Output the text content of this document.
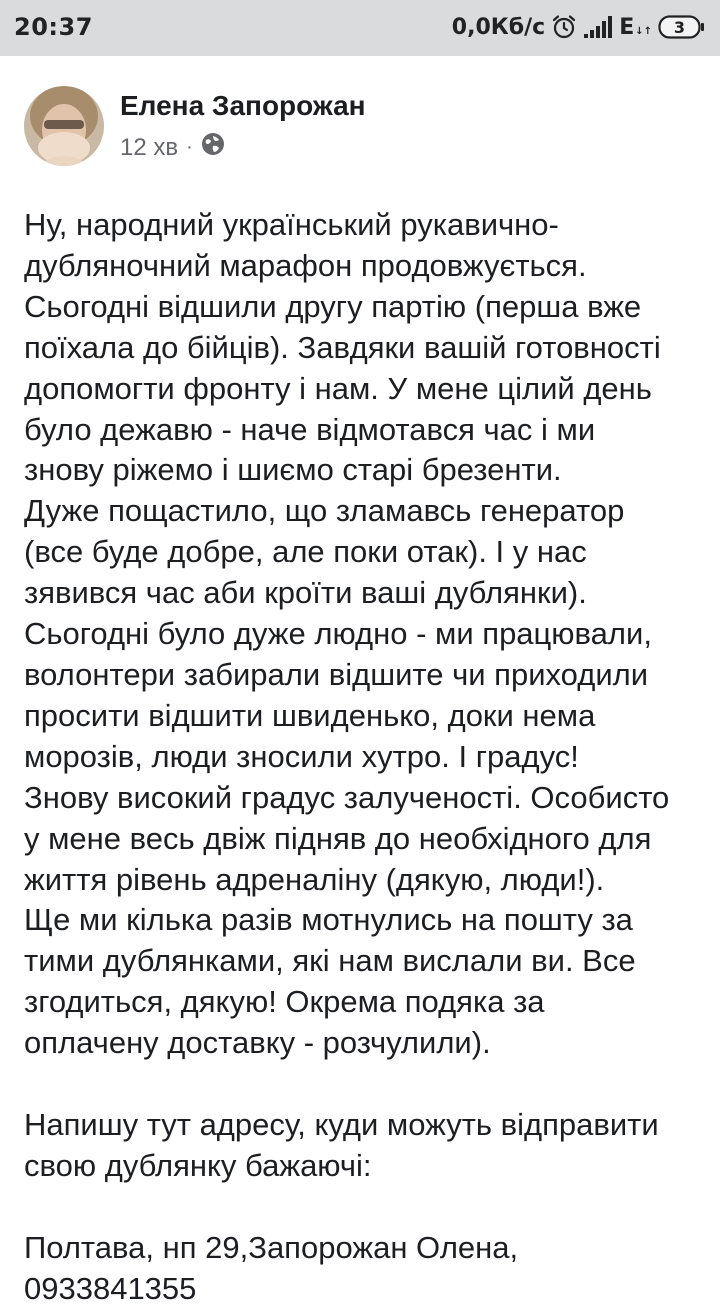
20:37	0,0Кб/с	E↓↑ 3
Елена Запорожан
12 хв ·

Ну, народний український рукавично-
дубляночний марафон продовжується.
Сьогодні відшили другу партію (перша вже
поїхала до бійців). Завдяки вашій готовності
допомогти фронту і нам. У мене цілий день
було дежавю - наче відмотався час і ми
знову ріжемо і шиємо старі брезенти.
Дуже пощастило, що зламавсь генератор
(все буде добре, але поки отак). І у нас
зявився час аби кроїти ваші дублянки).
Сьогодні було дуже людно - ми працювали,
волонтери забирали відшите чи приходили
просити відшити швиденько, доки нема
морозів, люди зносили хутро. І градус!
Знову високий градус залученості. Особисто
у мене весь двіж підняв до необхідного для
життя рівень адреналіну (дякую, люди!).
Ще ми кілька разів мотнулись на пошту за
тими дублянками, які нам вислали ви. Все
згодиться, дякую! Окрема подяка за
оплачену доставку - розчулили).

Напишу тут адресу, куди можуть відправити
свою дублянку бажаючі:

Полтава, нп 29,Запорожан Олена,
0933841355
